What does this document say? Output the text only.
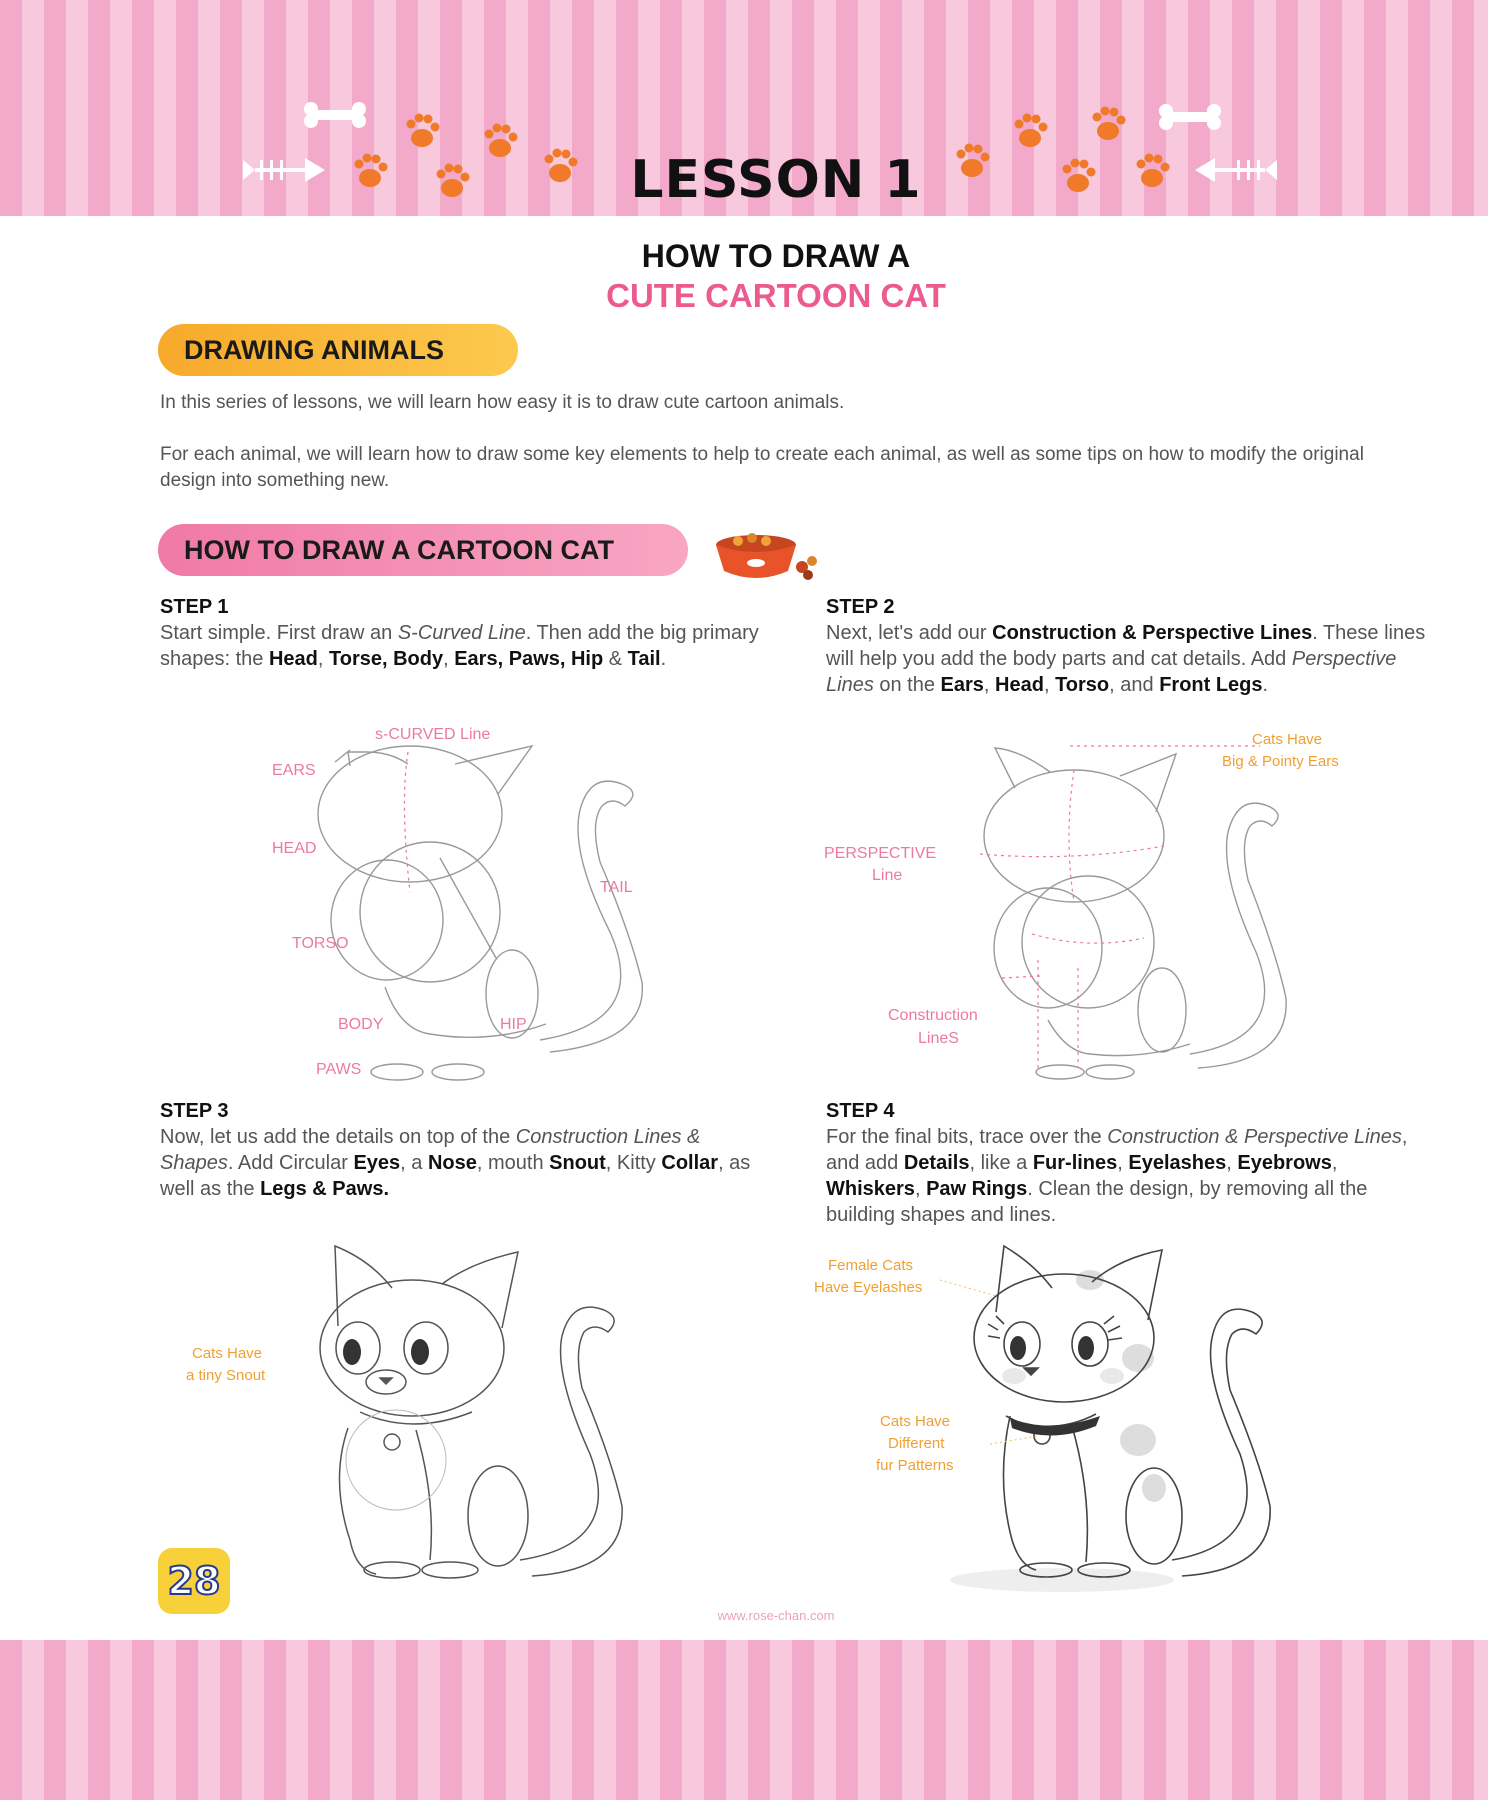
LESSON 1
HOW TO DRAW A
CUTE CARTOON CAT
DRAWING ANIMALS
In this series of lessons, we will learn how easy it is to draw cute cartoon animals.
For each animal, we will learn how to draw some key elements to help to create each animal, as well as some tips on how to modify the original design into something new.
HOW TO DRAW A CARTOON CAT
STEP 1
Start simple. First draw an S-Curved Line. Then add the big primary shapes: the Head, Torse, Body, Ears, Paws, Hip & Tail.
s-CURVED Line
EARS
HEAD
TAIL
TORSO
BODY	HIP
PAWS
STEP 2
Next, let's add our Construction & Perspective Lines. These lines will help you add the body parts and cat details. Add Perspective Lines on the Ears, Head, Torso, and Front Legs.
Cats Have
Big & Pointy Ears
PERSPECTIVE
Line
Construction
LineS
STEP 3
Now, let us add the details on top of the Construction Lines & Shapes. Add Circular Eyes, a Nose, mouth Snout, Kitty Collar, as well as the Legs & Paws.
Cats Have
a tiny Snout
STEP 4
For the final bits, trace over the Construction & Perspective Lines, and add Details, like a Fur-lines, Eyelashes, Eyebrows, Whiskers, Paw Rings. Clean the design, by removing all the building shapes and lines.
Female Cats
Have Eyelashes
Cats Have
Different
fur Patterns
28
www.rose-chan.com
